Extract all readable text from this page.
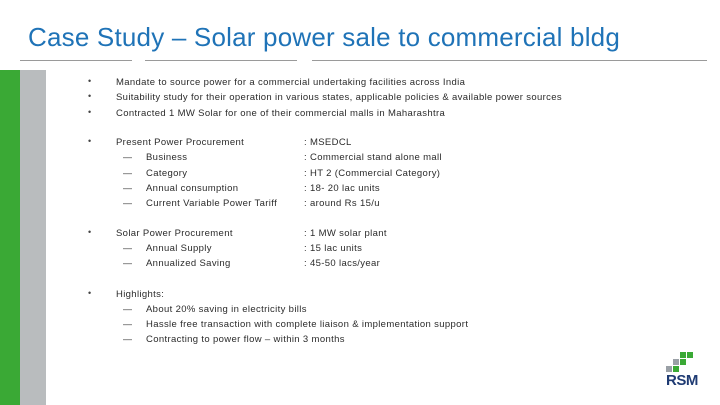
Case Study – Solar power sale to commercial bldg
•	Mandate to source power for a commercial undertaking facilities across India
•	Suitability study for their operation in various states, applicable policies & available power sources
•	Contracted 1 MW Solar for one of their commercial malls in Maharashtra
•	Present Power Procurement	: MSEDCL
— Business	: Commercial stand alone mall
— Category	: HT 2 (Commercial Category)
— Annual consumption	: 18- 20 lac units
— Current Variable Power Tariff	: around Rs 15/u
•	Solar Power Procurement	: 1 MW solar plant
— Annual Supply	: 15 lac units
— Annualized Saving	: 45-50 lacs/year
•	Highlights:
— About 20% saving in electricity bills
— Hassle free transaction with complete liaison & implementation support
— Contracting to power flow – within 3 months
RSM
